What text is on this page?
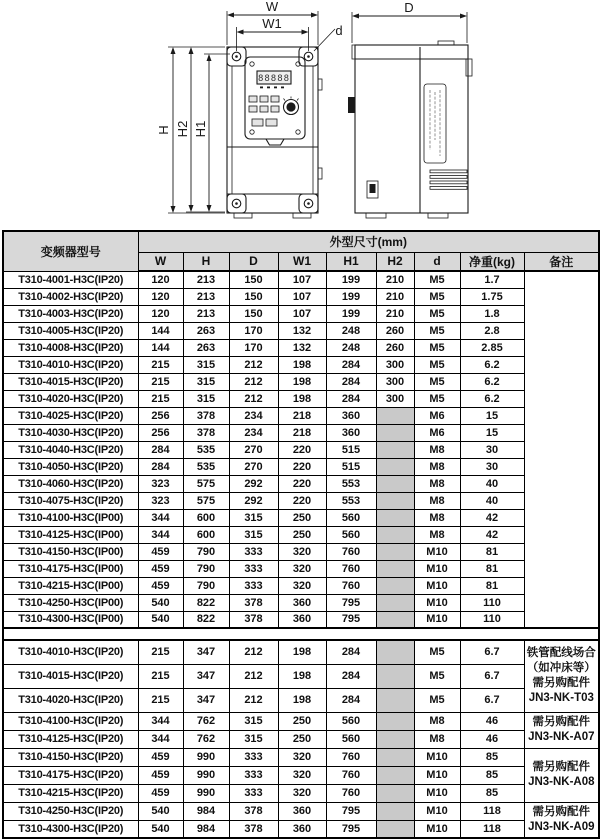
88888
W
W1
H H2 H1
d
D
变频器型号	外型尺寸(mm)								
	W	H	D	W1	H1	H2	d	净重(kg)	备注
T310-4001-H3C(IP20)	120	213	150	107	199	210	M5	1.7	
T310-4002-H3C(IP20)	120	213	150	107	199	210	M5	1.75	
T310-4003-H3C(IP20)	120	213	150	107	199	210	M5	1.8	
T310-4005-H3C(IP20)	144	263	170	132	248	260	M5	2.8	
T310-4008-H3C(IP20)	144	263	170	132	248	260	M5	2.85	
T310-4010-H3C(IP20)	215	315	212	198	284	300	M5	6.2	
T310-4015-H3C(IP20)	215	315	212	198	284	300	M5	6.2	
T310-4020-H3C(IP20)	215	315	212	198	284	300	M5	6.2	
T310-4025-H3C(IP20)	256	378	234	218	360		M6	15	
T310-4030-H3C(IP20)	256	378	234	218	360		M6	15	
T310-4040-H3C(IP20)	284	535	270	220	515		M8	30	
T310-4050-H3C(IP20)	284	535	270	220	515		M8	30	
T310-4060-H3C(IP20)	323	575	292	220	553		M8	40	
T310-4075-H3C(IP20)	323	575	292	220	553		M8	40	
T310-4100-H3C(IP00)	344	600	315	250	560		M8	42	
T310-4125-H3C(IP00)	344	600	315	250	560		M8	42	
T310-4150-H3C(IP00)	459	790	333	320	760		M10	81	
T310-4175-H3C(IP00)	459	790	333	320	760		M10	81	
T310-4215-H3C(IP00)	459	790	333	320	760		M10	81	
T310-4250-H3C(IP00)	540	822	378	360	795		M10	110	
T310-4300-H3C(IP00)	540	822	378	360	795		M10	110	

T310-4010-H3C(IP20)	215	347	212	198	284		M5	6.7	铁管配线场合
（如冲床等）
需另购配件
JN3-NK-T03

T310-4015-H3C(IP20)	215	347	212	198	284		M5	6.7	
T310-4020-H3C(IP20)	215	347	212	198	284		M5	6.7	
T310-4100-H3C(IP20)	344	762	315	250	560		M8	46	需另购配件
JN3-NK-A07

T310-4125-H3C(IP20)	344	762	315	250	560		M8	46	
T310-4150-H3C(IP20)	459	990	333	320	760		M10	85	需另购配件
JN3-NK-A08

T310-4175-H3C(IP20)	459	990	333	320	760		M10	85	
T310-4215-H3C(IP20)	459	990	333	320	760		M10	85	
T310-4250-H3C(IP20)	540	984	378	360	795		M10	118	需另购配件
JN3-NK-A09

T310-4300-H3C(IP20)	540	984	378	360	795		M10	118	
